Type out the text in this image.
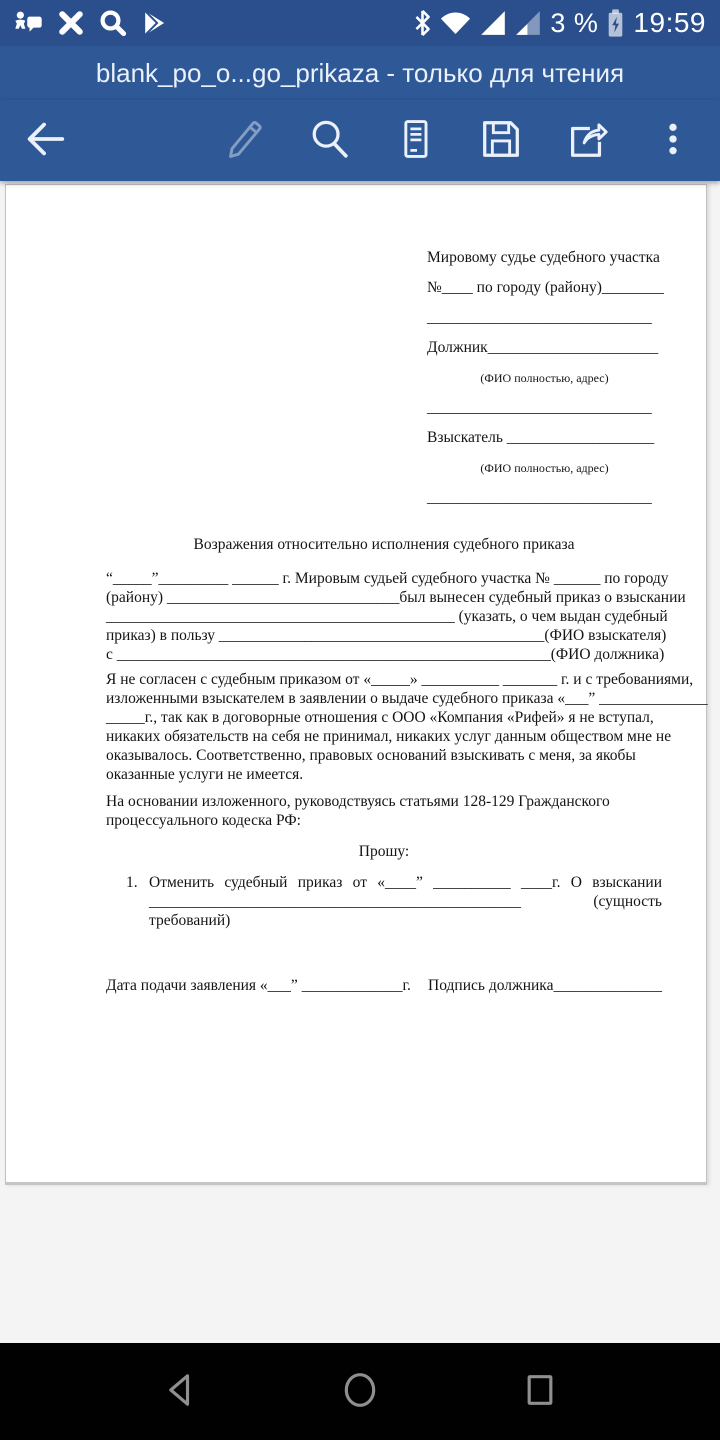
3 % 19:59
blank_po_o...go_prikaza - только для чтения
Мировому судье судебного участка
№____ по городу (району)________
_____________________________
Должник______________________
(ФИО полностью, адрес)
_____________________________
Взыскатель ___________________
(ФИО полностью, адрес)
_____________________________
Возражения относительно исполнения судебного приказа
“_____”_________ ______ г. Мировым судьей судебного участка № ______ по городу
(району) ______________________________был вынесен судебный приказ о взыскании
_____________________________________________ (указать, о чем выдан судебный
приказ) в пользу __________________________________________(ФИО взыскателя)
с ________________________________________________________(ФИО должника)
Я не согласен с судебным приказом от «_____» __________ _______ г. и с требованиями,
изложенными взыскателем в заявлении о выдаче судебного приказа «___” ______________
_____г., так как в договорные отношения с ООО «Компания «Рифей» я не вступал,
никаких обязательств на себя не принимал, никаких услуг данным обществом мне не
оказывалось. Соответственно, правовых оснований взыскивать с меня, за якобы
оказанные услуги не имеется.
На основании изложенного, руководствуясь статьями 128-129 Гражданского
процессуального кодеска РФ:
Прошу:
1. Отменить судебный приказ от «____” __________ ____г. О взыскании
________________________________________________ (сущность
требований)
Дата подачи заявления «___” _____________г. Подпись должника______________
